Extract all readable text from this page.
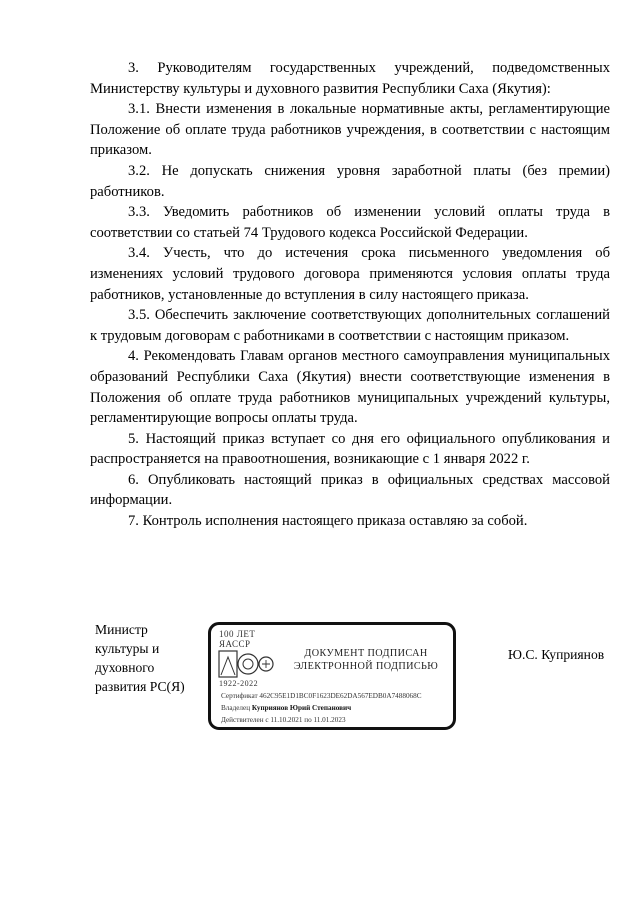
3. Руководителям государственных учреждений, подведомственных Министерству культуры и духовного развития Республики Саха (Якутия):

3.1. Внести изменения в локальные нормативные акты, регламентирующие Положение об оплате труда работников учреждения, в соответствии с настоящим приказом.

3.2. Не допускать снижения уровня заработной платы (без премии) работников.

3.3. Уведомить работников об изменении условий оплаты труда в соответствии со статьей 74 Трудового кодекса Российской Федерации.

3.4. Учесть, что до истечения срока письменного уведомления об изменениях условий трудового договора применяются условия оплаты труда работников, установленные до вступления в силу настоящего приказа.

3.5. Обеспечить заключение соответствующих дополнительных соглашений к трудовым договорам с работниками в соответствии с настоящим приказом.

4. Рекомендовать Главам органов местного самоуправления муниципальных образований Республики Саха (Якутия) внести соответствующие изменения в Положения об оплате труда работников муниципальных учреждений культуры, регламентирующие вопросы оплаты труда.

5. Настоящий приказ вступает со дня его официального опубликования и распространяется на правоотношения, возникающие с 1 января 2022 г.

6. Опубликовать настоящий приказ в официальных средствах массовой информации.

7. Контроль исполнения настоящего приказа оставляю за собой.

Министр
культуры и
духовного
развития РС(Я)
100 ЛЕТ
ЯАССР
1922-2022
ДОКУМЕНТ ПОДПИСАН
ЭЛЕКТРОННОЙ ПОДПИСЬЮ
Сертификат 462C95E1D1BC0F1623DE62DA567EDB0A7488068C
Владелец Куприянов Юрий Степанович
Действителен с 11.10.2021 по 11.01.2023
Ю.С. Куприянов
